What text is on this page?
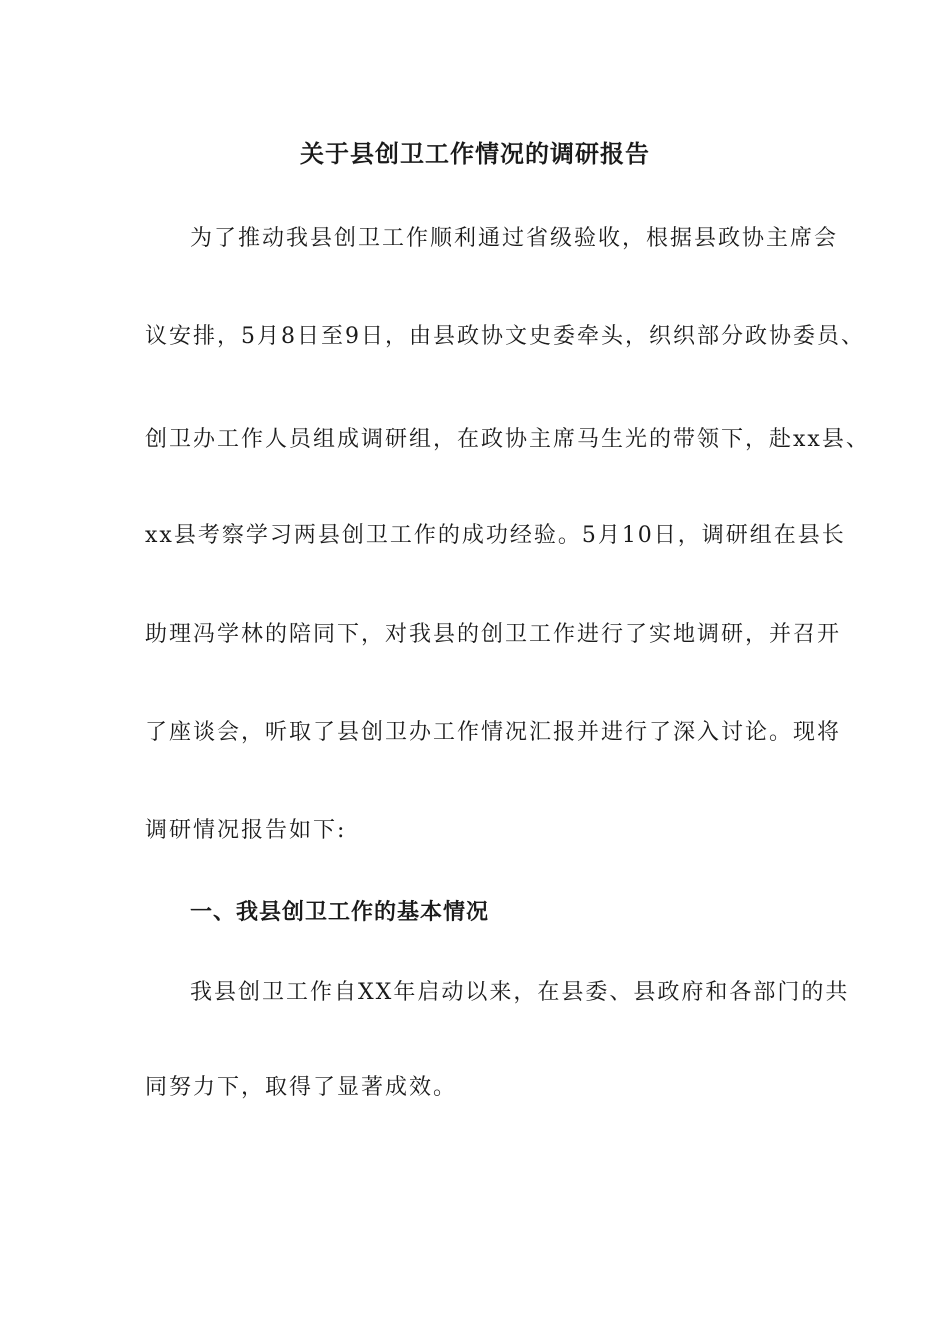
关于县创卫工作情况的调研报告
为了推动我县创卫工作顺利通过省级验收，根据县政协主席会
议安排，5月8日至9日，由县政协文史委牵头，织织部分政协委员、
创卫办工作人员组成调研组，在政协主席马生光的带领下，赴xx县、
xx县考察学习两县创卫工作的成功经验。5月10日，调研组在县长
助理冯学林的陪同下，对我县的创卫工作进行了实地调研，并召开
了座谈会，听取了县创卫办工作情况汇报并进行了深入讨论。现将
调研情况报告如下:
一、我县创卫工作的基本情况
我县创卫工作自XX年启动以来，在县委、县政府和各部门的共
同努力下，取得了显著成效。
